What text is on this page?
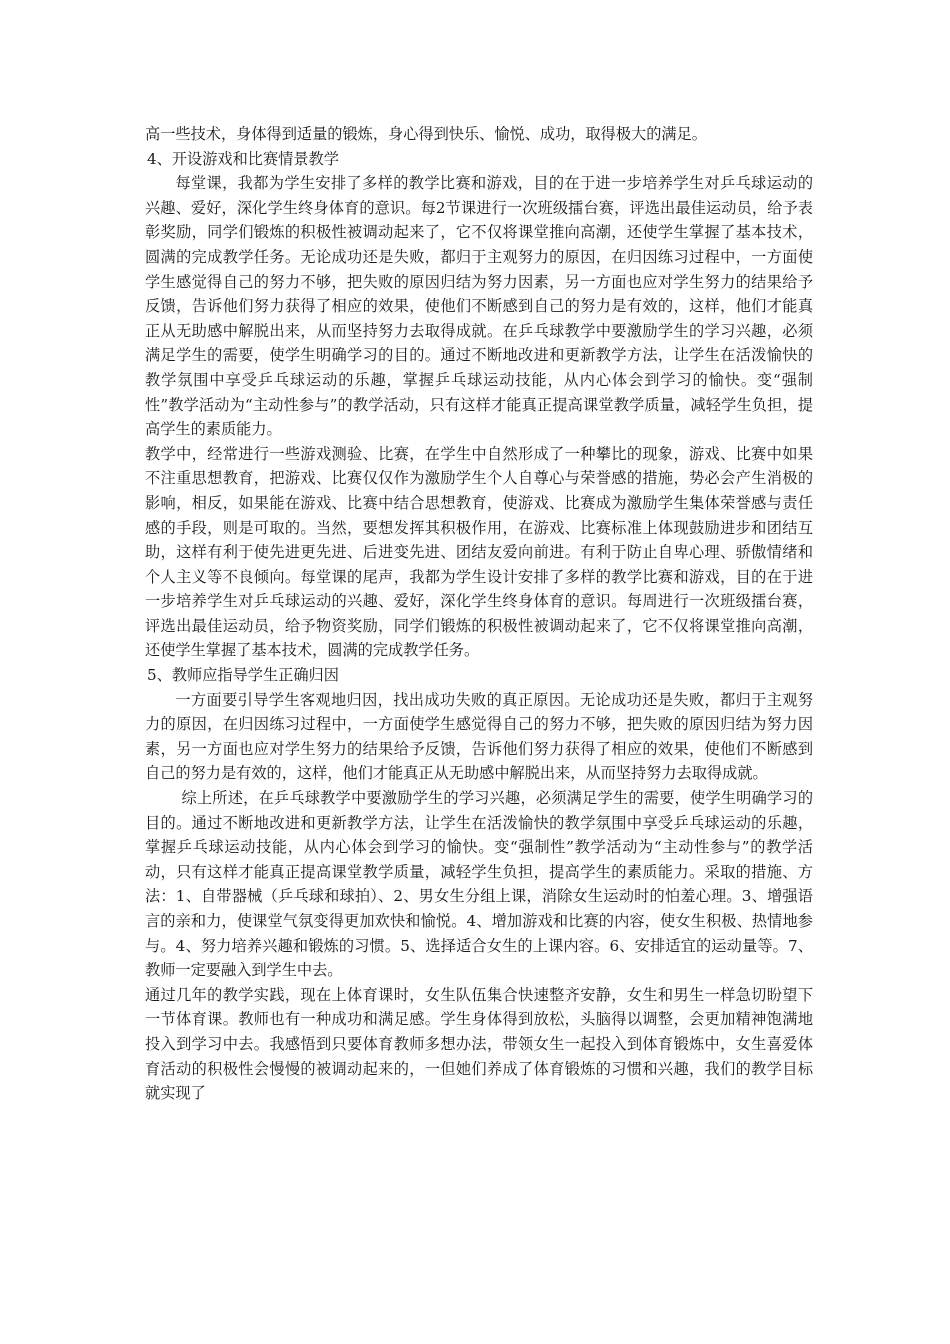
高一些技术，身体得到适量的锻炼，身心得到快乐、愉悦、成功，取得极大的满足。

4、开设游戏和比赛情景教学

每堂课，我都为学生安排了多样的教学比赛和游戏，目的在于进一步培养学生对乒乓球运动的兴趣、爱好，深化学生终身体育的意识。每2节课进行一次班级擂台赛，评选出最佳运动员，给予表彰奖励，同学们锻炼的积极性被调动起来了，它不仅将课堂推向高潮，还使学生掌握了基本技术，圆满的完成教学任务。无论成功还是失败，都归于主观努力的原因，在归因练习过程中，一方面使学生感觉得自己的努力不够，把失败的原因归结为努力因素，另一方面也应对学生努力的结果给予反馈，告诉他们努力获得了相应的效果，使他们不断感到自己的努力是有效的，这样，他们才能真正从无助感中解脱出来，从而坚持努力去取得成就。在乒乓球教学中要激励学生的学习兴趣，必须满足学生的需要，使学生明确学习的目的。通过不断地改进和更新教学方法，让学生在活泼愉快的教学氛围中享受乒乓球运动的乐趣，掌握乒乓球运动技能，从内心体会到学习的愉快。变“强制性”教学活动为“主动性参与”的教学活动，只有这样才能真正提高课堂教学质量，减轻学生负担，提高学生的素质能力。

教学中，经常进行一些游戏测验、比赛，在学生中自然形成了一种攀比的现象，游戏、比赛中如果不注重思想教育，把游戏、比赛仅仅作为激励学生个人自尊心与荣誉感的措施，势必会产生消极的影响，相反，如果能在游戏、比赛中结合思想教育，使游戏、比赛成为激励学生集体荣誉感与责任感的手段，则是可取的。当然，要想发挥其积极作用，在游戏、比赛标准上体现鼓励进步和团结互助，这样有利于使先进更先进、后进变先进、团结友爱向前进。有利于防止自卑心理、骄傲情绪和个人主义等不良倾向。每堂课的尾声，我都为学生设计安排了多样的教学比赛和游戏，目的在于进一步培养学生对乒乓球运动的兴趣、爱好，深化学生终身体育的意识。每周进行一次班级擂台赛，评选出最佳运动员，给予物资奖励，同学们锻炼的积极性被调动起来了，它不仅将课堂推向高潮，还使学生掌握了基本技术，圆满的完成教学任务。

5、教师应指导学生正确归因

一方面要引导学生客观地归因，找出成功失败的真正原因。无论成功还是失败，都归于主观努力的原因，在归因练习过程中，一方面使学生感觉得自己的努力不够，把失败的原因归结为努力因素，另一方面也应对学生努力的结果给予反馈，告诉他们努力获得了相应的效果，使他们不断感到自己的努力是有效的，这样，他们才能真正从无助感中解脱出来，从而坚持努力去取得成就。

综上所述，在乒乓球教学中要激励学生的学习兴趣，必须满足学生的需要，使学生明确学习的目的。通过不断地改进和更新教学方法，让学生在活泼愉快的教学氛围中享受乒乓球运动的乐趣，掌握乒乓球运动技能，从内心体会到学习的愉快。变“强制性”教学活动为“主动性参与”的教学活动，只有这样才能真正提高课堂教学质量，减轻学生负担，提高学生的素质能力。采取的措施、方法：1、自带器械（乒乓球和球拍）、2、男女生分组上课，消除女生运动时的怕羞心理。3、增强语言的亲和力，使课堂气氛变得更加欢快和愉悦。4、增加游戏和比赛的内容，使女生积极、热情地参与。4、努力培养兴趣和锻炼的习惯。5、选择适合女生的上课内容。6、安排适宜的运动量等。7、教师一定要融入到学生中去。

通过几年的教学实践，现在上体育课时，女生队伍集合快速整齐安静，女生和男生一样急切盼望下一节体育课。教师也有一种成功和满足感。学生身体得到放松，头脑得以调整，会更加精神饱满地投入到学习中去。我感悟到只要体育教师多想办法，带领女生一起投入到体育锻炼中，女生喜爱体育活动的积极性会慢慢的被调动起来的，一但她们养成了体育锻炼的习惯和兴趣，我们的教学目标就实现了
